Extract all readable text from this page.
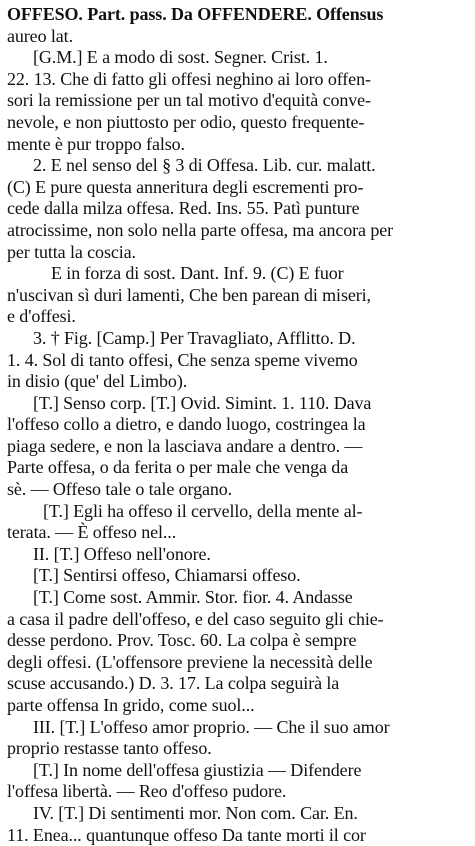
OFFESO. Part. pass. Da OFFENDERE. Offensus
aureo lat.
[G.M.] E a modo di sost. Segner. Crist. 1.
22. 13. Che di fatto gli offesi neghino ai loro offen-
sori la remissione per un tal motivo d'equità conve-
nevole, e non piuttosto per odio, questo frequente-
mente è pur troppo falso.
2. E nel senso del § 3 di Offesa. Lib. cur. malatt.
(C) E pure questa anneritura degli escrementi pro-
cede dalla milza offesa. Red. Ins. 55. Patì punture
atrocissime, non solo nella parte offesa, ma ancora per
per tutta la coscia.
E in forza di sost. Dant. Inf. 9. (C) E fuor
n'uscivan sì duri lamenti, Che ben parean di miseri,
e d'offesi.
3. † Fig. [Camp.] Per Travagliato, Afflitto. D.
1. 4. Sol di tanto offesi, Che senza speme vivemo
in disio (que' del Limbo).
[T.] Senso corp. [T.] Ovid. Simint. 1. 110. Dava
l'offeso collo a dietro, e dando luogo, costringea la
piaga sedere, e non la lasciava andare a dentro. —
Parte offesa, o da ferita o per male che venga da
sè. — Offeso tale o tale organo.
[T.] Egli ha offeso il cervello, della mente al-
terata. — È offeso nel...
II. [T.] Offeso nell'onore.
[T.] Sentirsi offeso, Chiamarsi offeso.
[T.] Come sost. Ammir. Stor. fior. 4. Andasse
a casa il padre dell'offeso, e del caso seguito gli chie-
desse perdono. Prov. Tosc. 60. La colpa è sempre
degli offesi. (L'offensore previene la necessità delle
scuse accusando.) D. 3. 17. La colpa seguirà la
parte offensa In grido, come suol...
III. [T.] L'offeso amor proprio. — Che il suo amor
proprio restasse tanto offeso.
[T.] In nome dell'offesa giustizia — Difendere
l'offesa libertà. — Reo d'offeso pudore.
IV. [T.] Di sentimenti mor. Non com. Car. En.
11. Enea... quantunque offeso Da tante morti il cor
